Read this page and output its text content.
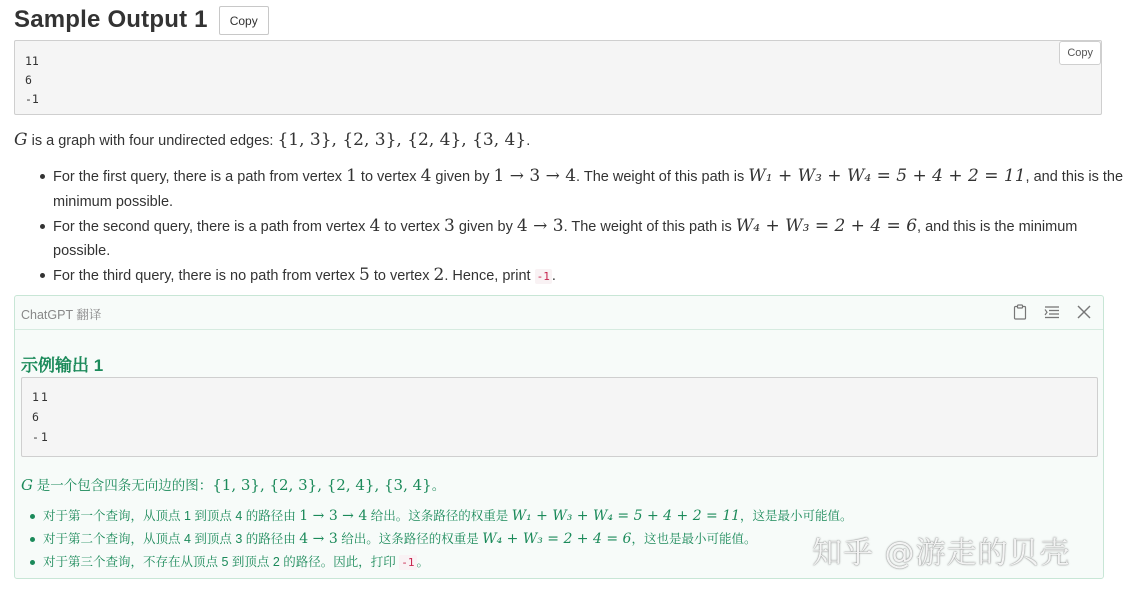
Sample Output 1	Copy
11
6
-1
Copy
G is a graph with four undirected edges: {1, 3}, {2, 3}, {2, 4}, {3, 4}.
For the first query, there is a path from vertex 1 to vertex 4 given by 1 → 3 → 4. The weight of this path is W₁ + W₃ + W₄ = 5 + 4 + 2 = 11, and this is the minimum possible.
For the second query, there is a path from vertex 4 to vertex 3 given by 4 → 3. The weight of this path is W₄ + W₃ = 2 + 4 = 6, and this is the minimum possible.
For the third query, there is no path from vertex 5 to vertex 2. Hence, print -1 .
ChatGPT 翻译
示例输出 1
11
6
-1
G 是一个包含四条无向边的图：{1, 3}, {2, 3}, {2, 4}, {3, 4}。
对于第一个查询，从顶点 1 到顶点 4 的路径由 1 → 3 → 4 给出。这条路径的权重是 W₁ + W₃ + W₄ = 5 + 4 + 2 = 11，这是最小可能值。
对于第二个查询，从顶点 4 到顶点 3 的路径由 4 → 3 给出。这条路径的权重是 W₄ + W₃ = 2 + 4 = 6，这也是最小可能值。
对于第三个查询，不存在从顶点 5 到顶点 2 的路径。因此，打印 -1 。	知乎 @游走的贝壳
